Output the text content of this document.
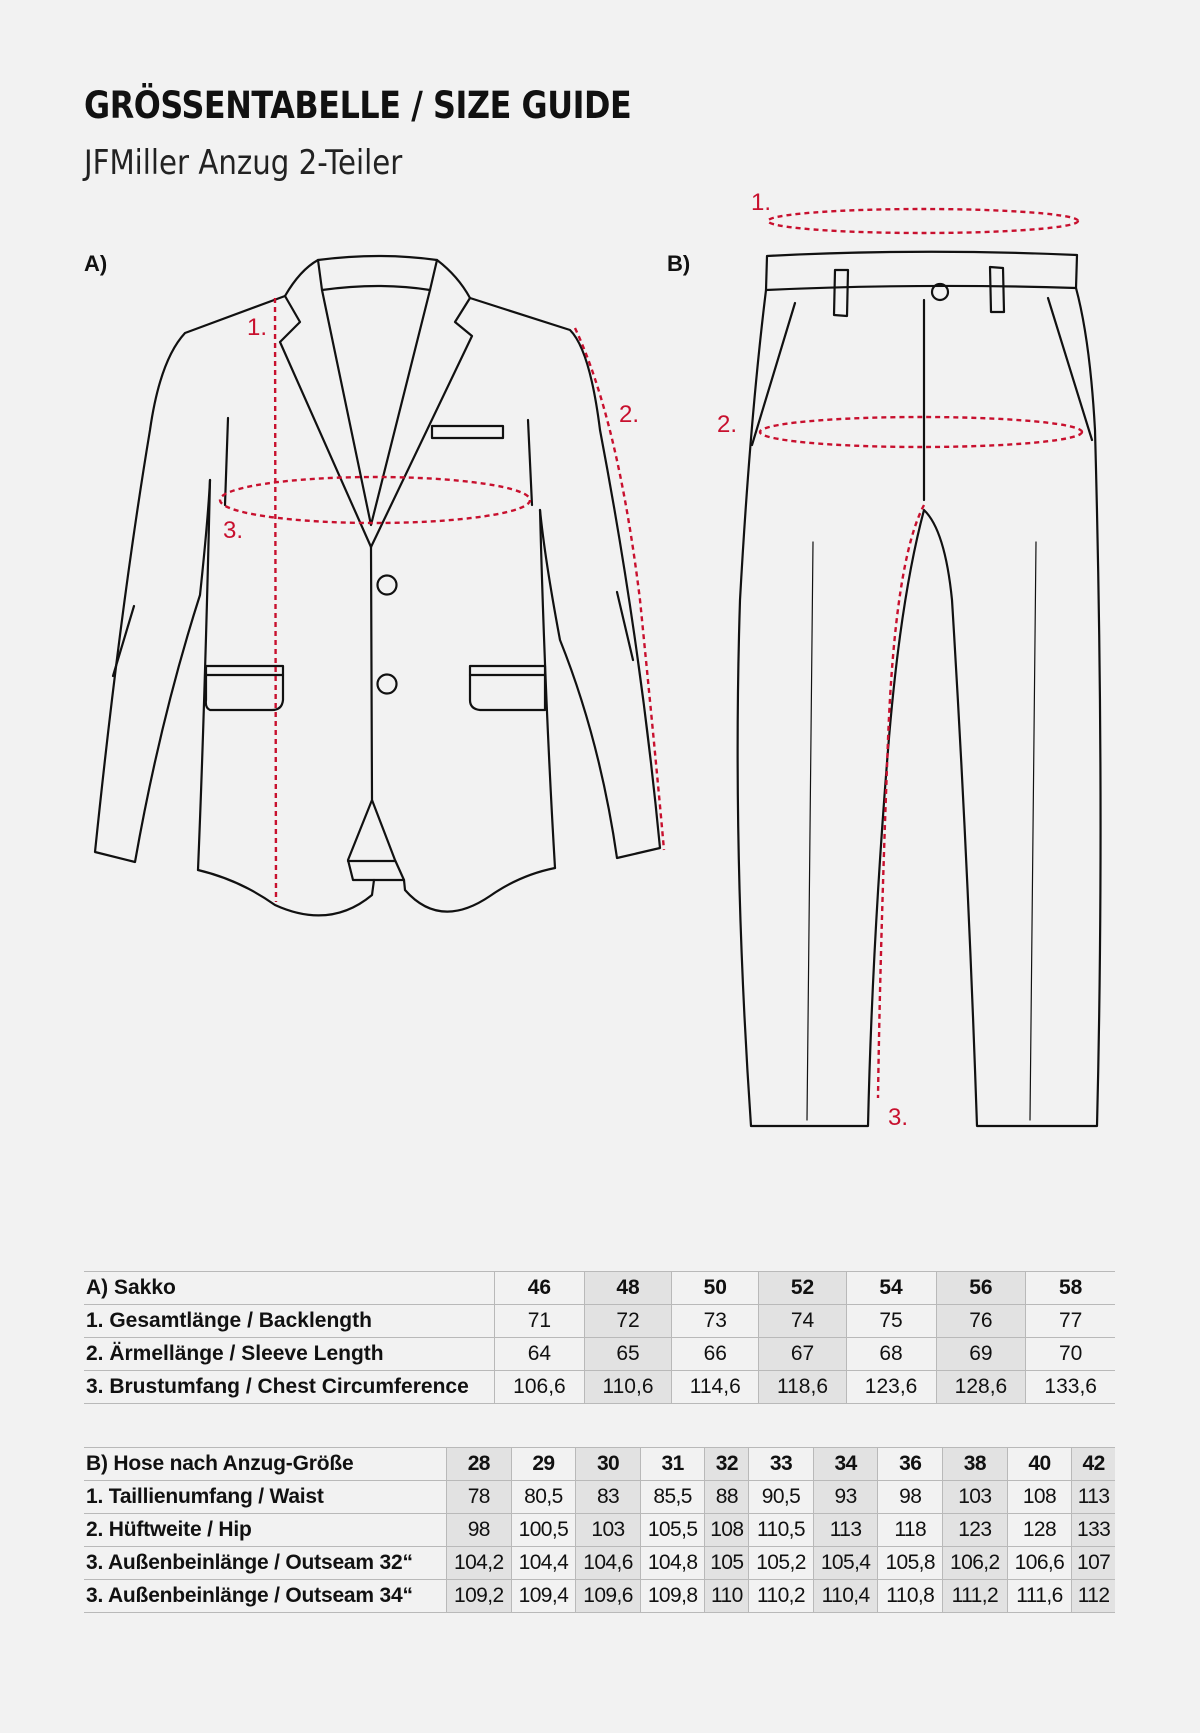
GRÖSSENTABELLE / SIZE GUIDE
JFMiller Anzug 2-Teiler
A)	B)
1.
2.
3.
1.
2.
3.
A) Sakko	46	48	50	52	54	56	58
1. Gesamtlänge / Backlength	71	72	73	74	75	76	77
2. Ärmellänge / Sleeve Length	64	65	66	67	68	69	70
3. Brustumfang / Chest Circumference	106,6	110,6	114,6	118,6	123,6	128,6	133,6
B) Hose nach Anzug-Größe	28	29	30	31	32	33	34	36	38	40	42
1. Taillienumfang / Waist	78	80,5	83	85,5	88	90,5	93	98	103	108	113
2. Hüftweite / Hip	98	100,5	103	105,5	108	110,5	113	118	123	128	133
3. Außenbeinlänge / Outseam 32“	104,2	104,4	104,6	104,8	105	105,2	105,4	105,8	106,2	106,6	107
3. Außenbeinlänge / Outseam 34“	109,2	109,4	109,6	109,8	110	110,2	110,4	110,8	111,2	111,6	112
